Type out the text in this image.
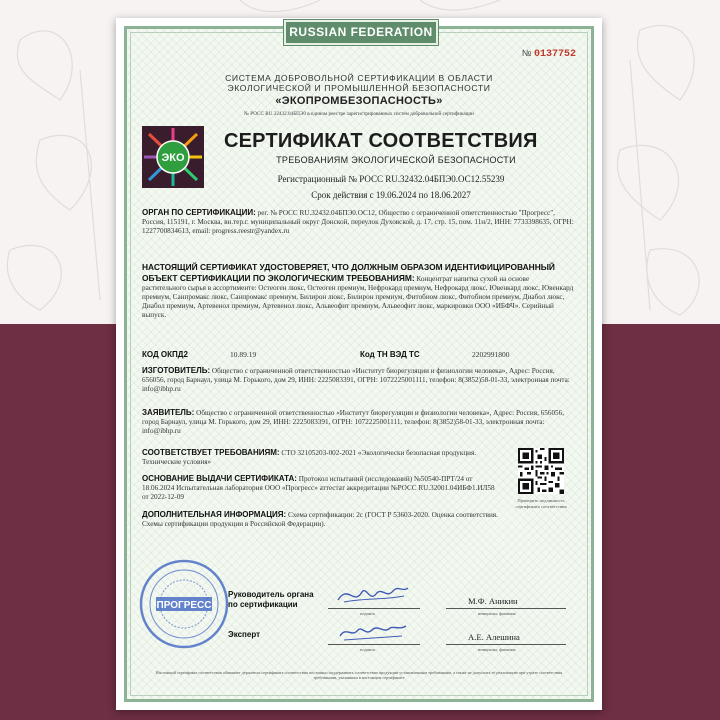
RUSSIAN FEDERATION
№ 0137752
СИСТЕМА ДОБРОВОЛЬНОЙ СЕРТИФИКАЦИИ В ОБЛАСТИ
ЭКОЛОГИЧЕСКОЙ И ПРОМЫШЛЕННОЙ БЕЗОПАСНОСТИ
«ЭКОПРОМБЕЗОПАСНОСТЬ»
№ РОСС RU.32432.04БПЭ0 в едином реестре зарегистрированных систем добровольной сертификации
ЭКО
СЕРТИФИКАТ СООТВЕТСТВИЯ
ТРЕБОВАНИЯМ ЭКОЛОГИЧЕСКОЙ БЕЗОПАСНОСТИ
Регистрационный № РОСС RU.32432.04БПЭ0.ОС12.55239
Срок действия с 19.06.2024 по 18.06.2027
ОРГАН ПО СЕРТИФИКАЦИИ: рег. № РОСС RU.32432.04БПЭ0.ОС12, Общество с ограниченной ответственностью "Прогресс", Россия, 115191, г. Москва, вн.тер.г. муниципальный округ Донской, переулок Духовской, д. 17, стр. 15, пом. 11н/2, ИНН: 7733398635, ОГРН: 1227700834613, email: progress.reestr@yandex.ru
НАСТОЯЩИЙ СЕРТИФИКАТ УДОСТОВЕРЯЕТ, ЧТО ДОЛЖНЫМ ОБРАЗОМ ИДЕНТИФИЦИРОВАННЫЙ ОБЪЕКТ СЕРТИФИКАЦИИ ПО ЭКОЛОГИЧЕСКИМ ТРЕБОВАНИЯМ: Концентрат напитка сухой на основе растительного сырья в ассортименте: Остеоген люкс, Остеоген премиум, Нефрокард премиум, Нефрокард люкс, Ювенкард люкс, Ювенкард премиум, Санпромакс люкс, Санпромакс премиум, Билирон люкс, Билирон премиум, Фитобиом люкс, Фитобиом премиум, Диабол люкс, Диабол премиум, Артевенол премиум, Артевенол люкс, Альвеофит премиум, Альвеофит люкс, маркировки ООО «ИБФЧ». Серийный выпуск.
КОД ОКПД2	10.89.19	Код ТН ВЭД ТС	2202991800
ИЗГОТОВИТЕЛЬ: Общество с ограниченной ответственностью «Институт биорегуляции и физиологии человека», Адрес: Россия, 656056, город Барнаул, улица М. Горького, дом 29, ИНН: 2225083391, ОГРН: 1072225001111, телефон: 8(3852)58-01-33, электронная почта: info@ibhp.ru
ЗАЯВИТЕЛЬ: Общество с ограниченной ответственностью «Институт биорегуляции и физиологии человека», Адрес: Россия, 656056, город Барнаул, улица М. Горького, дом 29, ИНН: 2225083391, ОГРН: 1072225001111, телефон: 8(3852)58-01-33, электронная почта: info@ibhp.ru
СООТВЕТСТВУЕТ ТРЕБОВАНИЯМ: СТО 32105203-002-2021 «Экологически безопасная продукция. Технические условия»
ОСНОВАНИЕ ВЫДАЧИ СЕРТИФИКАТА: Протокол испытаний (исследований) №50540-ПРТ/24 от 18.06.2024 Испытательная лаборатория ООО «Прогресс» аттестат аккредитации №РОСС RU.32001.04ИБФ1.ИЛ58 от 2022-12-09
ДОПОЛНИТЕЛЬНАЯ ИНФОРМАЦИЯ: Схема сертификации: 2с (ГОСТ Р 53603-2020. Оценка соответствия. Схемы сертификации продукции в Российской Федерации).
Проверить подлинность сертификата соответствия
ПРОГРЕСС
Руководитель органа
по сертификации
подпись
М.Ф. Аникин
инициалы, фамилия
Эксперт
подпись
А.Е. Алешина
инициалы, фамилия
Настоящий сертификат соответствия обязывает держателя сертификата соответствия постоянно поддерживать соответствие продукции установленным требованиям, а также не допускать её реализацию при утрате соответствия требованиям, указанным в настоящем сертификате
